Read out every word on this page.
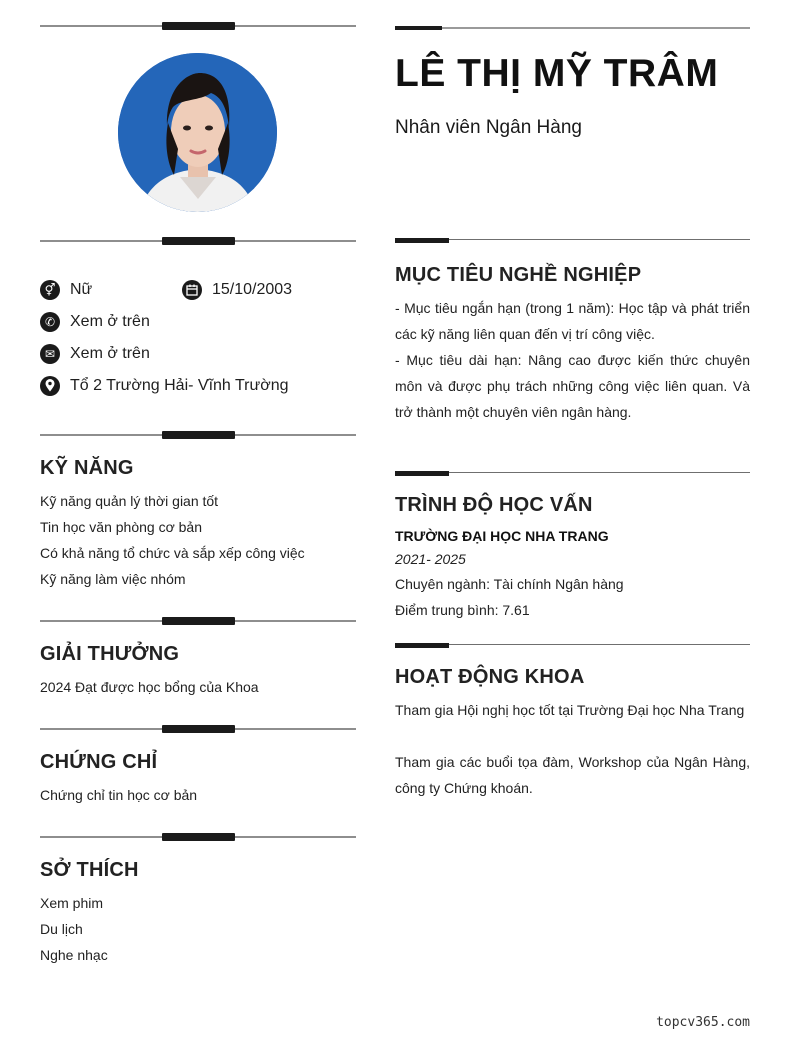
⚥ Nữ	15/10/2003
✆ Xem ở trên
✉ Xem ở trên
Tổ 2 Trường Hải- Vĩnh Trường
KỸ NĂNG
Kỹ năng quản lý thời gian tốt
Tin học văn phòng cơ bản
Có khả năng tổ chức và sắp xếp công việc
Kỹ năng làm việc nhóm
GIẢI THƯỞNG
2024 Đạt được học bổng của Khoa
CHỨNG CHỈ
Chứng chỉ tin học cơ bản
SỞ THÍCH
Xem phim
Du lịch
Nghe nhạc
LÊ THỊ MỸ TRÂM
Nhân viên Ngân Hàng
MỤC TIÊU NGHỀ NGHIỆP
- Mục tiêu ngắn hạn (trong 1 năm): Học tập và phát triển các kỹ năng liên quan đến vị trí công việc.
- Mục tiêu dài hạn: Nâng cao được kiến thức chuyên môn và được phụ trách những công việc liên quan. Và trở thành một chuyên viên ngân hàng.
TRÌNH ĐỘ HỌC VẤN
TRƯỜNG ĐẠI HỌC NHA TRANG
2021- 2025
Chuyên ngành: Tài chính Ngân hàng
Điểm trung bình: 7.61
HOẠT ĐỘNG KHOA
Tham gia Hội nghị học tốt tại Trường Đại học Nha Trang
Tham gia các buổi tọa đàm, Workshop của Ngân Hàng, công ty Chứng khoán.
topcv365.com
